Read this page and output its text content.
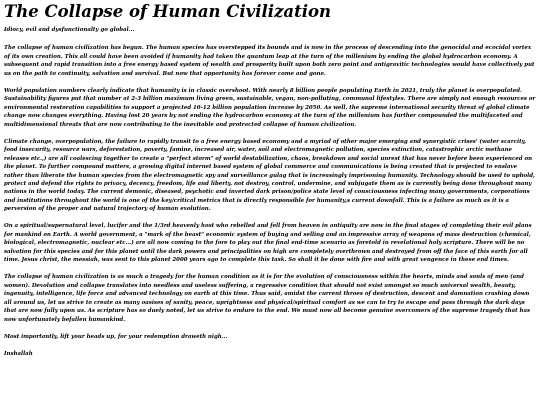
The Collapse of Human Civilization

Idiocy, evil and dysfunctionalty go global...

The collapse of human civilization has begun. The human species has overstepped its bounds and is now in the process of descending into the genocidal and ecocidal vortex of its own creation. This all could have been avoided if humanity had taken the quantum leap at the turn of the millenium by ending the global hydrocarbon economy. A subsequent and rapid transition into a free energy based system of wealth and prosperity built upon both zero point and antigravitic technologies would have collectively put us on the path to continuity, salvation and survival. But now that opportunity has forever come and gone.

World population numbers clearly indicate that humanity is in classic overshoot. With nearly 8 billion people populating Earth in 2021, truly the planet is overpopulated. Sustainability figures put that number at 2-3 billion maximum living green, sustainable, vegan, non-polluting, communal lifestyles. There are simply not enough resources or environmental restoration capabilities to support a projected 10-12 billion population increase by 2050. As well, the supreme international security threat of global climate change now changes everything. Having lost 20 years by not ending the hydrocarbon economy at the turn of the millenium has further compounded the multifaceted and multidimensional threats that are now contributing to the inevitable and protracted collapse of human civilization.

Climate change, overpopulation, the failure to rapidly transit to a free energy based economy and a myriad of other major emerging and synergistic crises' (water scarcity, food insecurity, resource wars, deforestation, poverty, famine, increased air, water, soil and electromagnetic pollution, species extinction, catastrophic arctic methane releases etc.,) are all coalescing together to create a "perfect storm" of world destabilization, chaos, breakdown and social unrest that has never before been experienced on the planet. To further compound matters, a growing digital internet based system of global commerce and communications is being created that is projected to enslave rather than liberate the human species from the electromagnetic spy and surveillance gulag that is increasingly imprisoning humanity. Technology should be used to uphold, protect and defend the rights to privacy, decency, freedom, life and liberty, not destroy, control, undermine, and subjugate them as is currently being done throughout many nations in the world today. The current demonic, diseased, psychotic and inverted dark prison/police state level of consciousness infecting many governments, corporations and institutions throughout the world is one of the key/critical metrics that is directly responsible for humanity,s current downfall. This is a failure as much as it is a perversion of the proper and natural trajectory of human evolution.

On a spiritual/supernatural level, lucifer and the 1/3rd heavenly host who rebelled and fell from heaven in antiquity are now in the final stages of completing their evil plans for mankind on Earth. A world government, a "mark of the beast" economic system of buying and selling and an impressive array of weapons of mass destruction (chemical, biological, electromagnetic, nuclear etc...) are all now coming to the fore to play out the final end-time scenario as foretold in revelational holy scripture. There will be no salvation for this species and for this planet until the dark powers and principalities on high are completely overthrown and destroyed from off the face of this earth for all time. Jesus christ, the messiah, was sent to this planet 2000 years ago to complete this task. So shall it be done with fire and with great vengence in these end times.

The collapse of human civilization is as much a tragedy for the human condition as it is for the evolution of consciousness within the hearts, minds and souls of men (and women). Devolution and collapse translates into needless and useless suffering, a regressive condition that should not exist amongst so much universal wealth, beauty, ingenuity, intelligence, life force and advanced technology on earth at this time. Thus said, amidst the current throes of destruction, descent and damnation crashing down all around us, let us strive to create as many oasises of sanity, peace, uprightness and physical/spiritual comfort as we can to try to escape and pass through the dark days that are now fully upon us. As scripture has so duely noted, let us strive to endure to the end. We must now all become genuine overcomers of the supreme tragedy that has now unfortunately befallen humankind.

Most importantly, lift your heads up, for your redemption draweth nigh...

Inshallah
